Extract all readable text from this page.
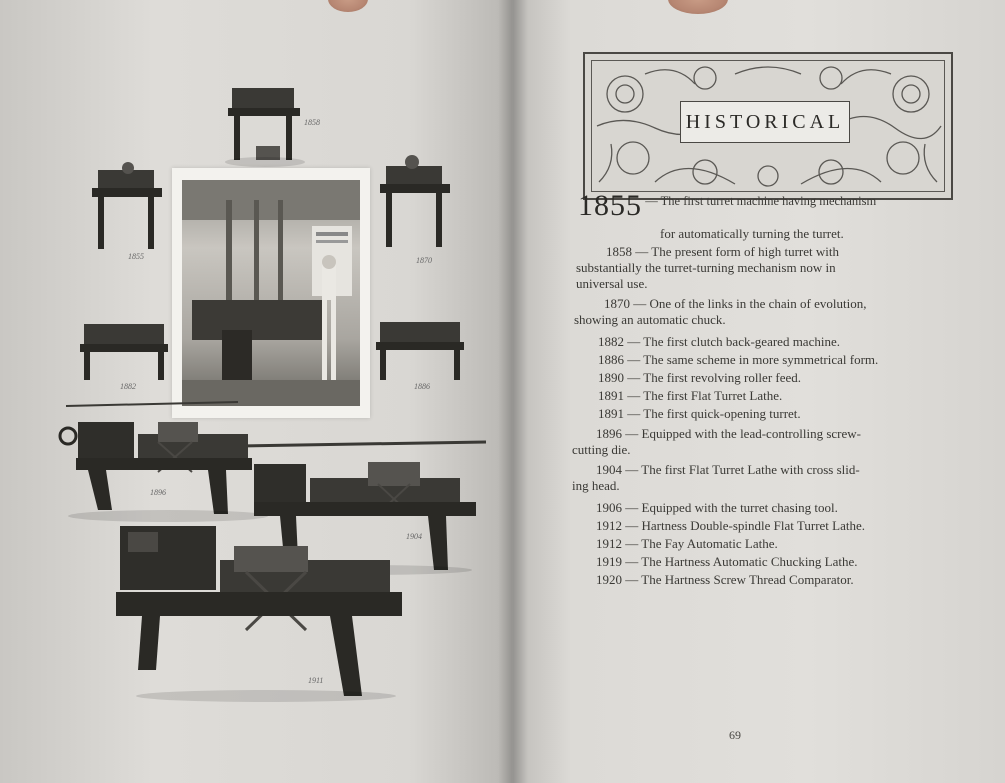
1858
1855	1870
1882	1886
1896
1904
1911
HISTORICAL
1855 — The first turret machine having mechanism
for automatically turning the turret.
1858 — The present form of high turret with
substantially the turret-turning mechanism now in
universal use.
1870 — One of the links in the chain of evolution,
showing an automatic chuck.
1882 — The first clutch back-geared machine.
1886 — The same scheme in more symmetrical form.
1890 — The first revolving roller feed.
1891 — The first Flat Turret Lathe.
1891 — The first quick-opening turret.
1896 — Equipped with the lead-controlling screw-
cutting die.
1904 — The first Flat Turret Lathe with cross slid-
ing head.
1906 — Equipped with the turret chasing tool.
1912 — Hartness Double-spindle Flat Turret Lathe.
1912 — The Fay Automatic Lathe.
1919 — The Hartness Automatic Chucking Lathe.
1920 — The Hartness Screw Thread Comparator.
69
